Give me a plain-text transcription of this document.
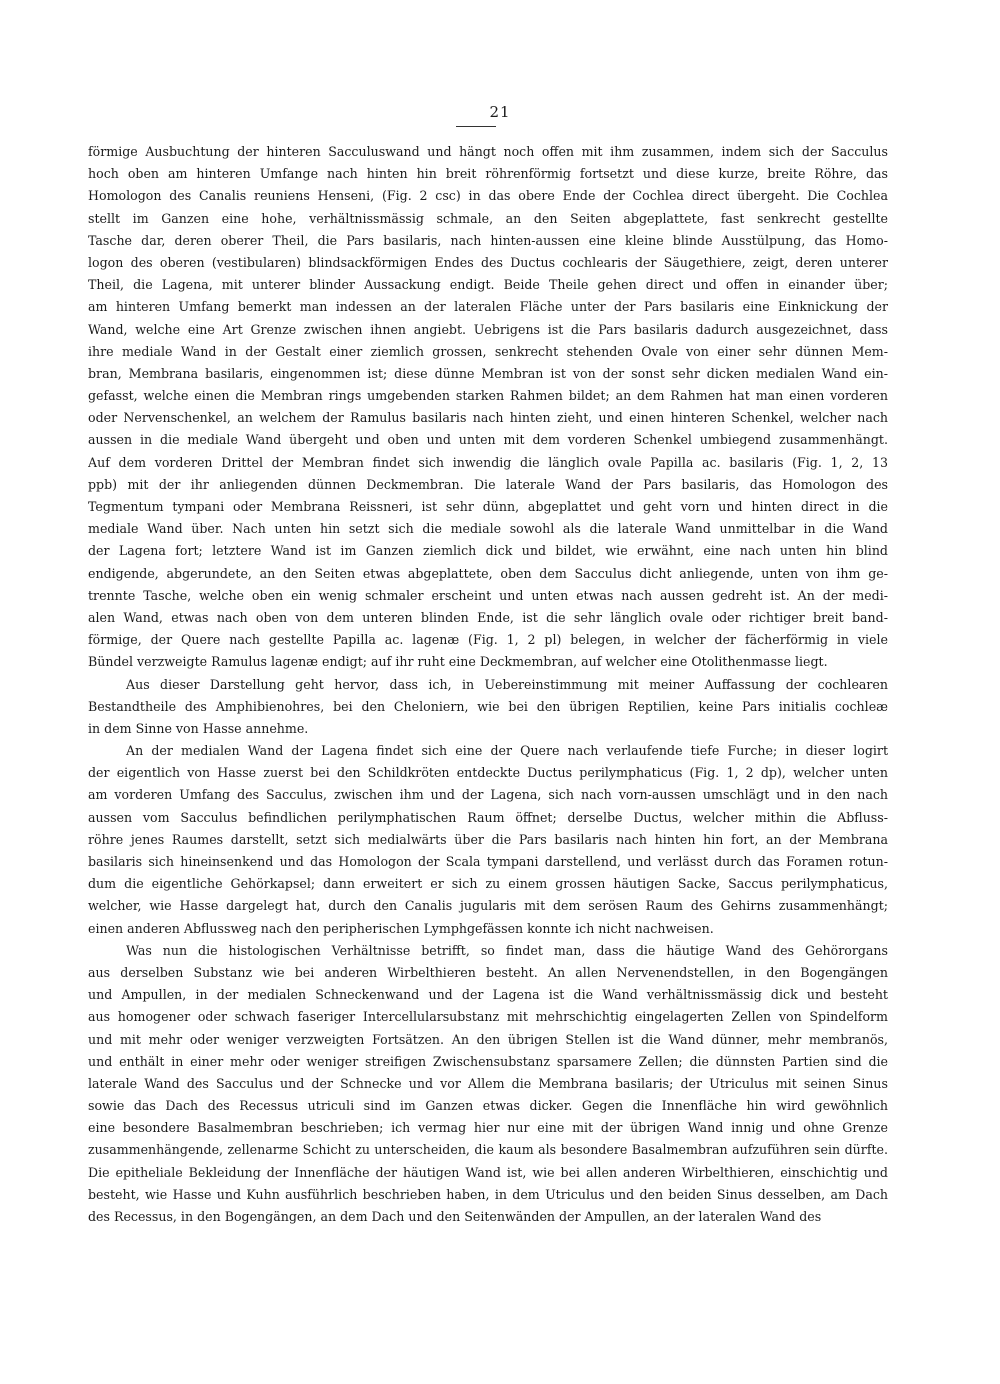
21
förmige Ausbuchtung der hinteren Sacculuswand und hängt noch offen mit ihm zusammen, indem sich der Sacculus
hoch oben am hinteren Umfange nach hinten hin breit röhrenförmig fortsetzt und diese kurze, breite Röhre, das
Homologon des Canalis reuniens Henseni, (Fig. 2 csc) in das obere Ende der Cochlea direct übergeht. Die Cochlea
stellt im Ganzen eine hohe, verhältnissmässig schmale, an den Seiten abgeplattete, fast senkrecht gestellte
Tasche dar, deren oberer Theil, die Pars basilaris, nach hinten-aussen eine kleine blinde Ausstülpung, das Homo-
logon des oberen (vestibularen) blindsackförmigen Endes des Ductus cochlearis der Säugethiere, zeigt, deren unterer
Theil, die Lagena, mit unterer blinder Aussackung endigt. Beide Theile gehen direct und offen in einander über;
am hinteren Umfang bemerkt man indessen an der lateralen Fläche unter der Pars basilaris eine Einknickung der
Wand, welche eine Art Grenze zwischen ihnen angiebt. Uebrigens ist die Pars basilaris dadurch ausgezeichnet, dass
ihre mediale Wand in der Gestalt einer ziemlich grossen, senkrecht stehenden Ovale von einer sehr dünnen Mem-
bran, Membrana basilaris, eingenommen ist; diese dünne Membran ist von der sonst sehr dicken medialen Wand ein-
gefasst, welche einen die Membran rings umgebenden starken Rahmen bildet; an dem Rahmen hat man einen vorderen
oder Nervenschenkel, an welchem der Ramulus basilaris nach hinten zieht, und einen hinteren Schenkel, welcher nach
aussen in die mediale Wand übergeht und oben und unten mit dem vorderen Schenkel umbiegend zusammenhängt.
Auf dem vorderen Drittel der Membran findet sich inwendig die länglich ovale Papilla ac. basilaris (Fig. 1, 2, 13
ppb) mit der ihr anliegenden dünnen Deckmembran. Die laterale Wand der Pars basilaris, das Homologon des
Tegmentum tympani oder Membrana Reissneri, ist sehr dünn, abgeplattet und geht vorn und hinten direct in die
mediale Wand über. Nach unten hin setzt sich die mediale sowohl als die laterale Wand unmittelbar in die Wand
der Lagena fort; letztere Wand ist im Ganzen ziemlich dick und bildet, wie erwähnt, eine nach unten hin blind
endigende, abgerundete, an den Seiten etwas abgeplattete, oben dem Sacculus dicht anliegende, unten von ihm ge-
trennte Tasche, welche oben ein wenig schmaler erscheint und unten etwas nach aussen gedreht ist. An der medi-
alen Wand, etwas nach oben von dem unteren blinden Ende, ist die sehr länglich ovale oder richtiger breit band-
förmige, der Quere nach gestellte Papilla ac. lagenæ (Fig. 1, 2 pl) belegen, in welcher der fächerförmig in viele
Bündel verzweigte Ramulus lagenæ endigt; auf ihr ruht eine Deckmembran, auf welcher eine Otolithenmasse liegt.
Aus dieser Darstellung geht hervor, dass ich, in Uebereinstimmung mit meiner Auffassung der cochlearen
Bestandtheile des Amphibienohres, bei den Cheloniern, wie bei den übrigen Reptilien, keine Pars initialis cochleæ
in dem Sinne von Hasse annehme.
An der medialen Wand der Lagena findet sich eine der Quere nach verlaufende tiefe Furche; in dieser logirt
der eigentlich von Hasse zuerst bei den Schildkröten entdeckte Ductus perilymphaticus (Fig. 1, 2 dp), welcher unten
am vorderen Umfang des Sacculus, zwischen ihm und der Lagena, sich nach vorn-aussen umschlägt und in den nach
aussen vom Sacculus befindlichen perilymphatischen Raum öffnet; derselbe Ductus, welcher mithin die Abfluss-
röhre jenes Raumes darstellt, setzt sich medialwärts über die Pars basilaris nach hinten hin fort, an der Membrana
basilaris sich hineinsenkend und das Homologon der Scala tympani darstellend, und verlässt durch das Foramen rotun-
dum die eigentliche Gehörkapsel; dann erweitert er sich zu einem grossen häutigen Sacke, Saccus perilymphaticus,
welcher, wie Hasse dargelegt hat, durch den Canalis jugularis mit dem serösen Raum des Gehirns zusammenhängt;
einen anderen Abflussweg nach den peripherischen Lymphgefässen konnte ich nicht nachweisen.
Was nun die histologischen Verhältnisse betrifft, so findet man, dass die häutige Wand des Gehörorgans
aus derselben Substanz wie bei anderen Wirbelthieren besteht. An allen Nervenendstellen, in den Bogengängen
und Ampullen, in der medialen Schneckenwand und der Lagena ist die Wand verhältnissmässig dick und besteht
aus homogener oder schwach faseriger Intercellularsubstanz mit mehrschichtig eingelagerten Zellen von Spindelform
und mit mehr oder weniger verzweigten Fortsätzen. An den übrigen Stellen ist die Wand dünner, mehr membranös,
und enthält in einer mehr oder weniger streifigen Zwischensubstanz sparsamere Zellen; die dünnsten Partien sind die
laterale Wand des Sacculus und der Schnecke und vor Allem die Membrana basilaris; der Utriculus mit seinen Sinus
sowie das Dach des Recessus utriculi sind im Ganzen etwas dicker. Gegen die Innenfläche hin wird gewöhnlich
eine besondere Basalmembran beschrieben; ich vermag hier nur eine mit der übrigen Wand innig und ohne Grenze
zusammenhängende, zellenarme Schicht zu unterscheiden, die kaum als besondere Basalmembran aufzuführen sein dürfte.
Die epitheliale Bekleidung der Innenfläche der häutigen Wand ist, wie bei allen anderen Wirbelthieren, einschichtig und
besteht, wie Hasse und Kuhn ausführlich beschrieben haben, in dem Utriculus und den beiden Sinus desselben, am Dach
des Recessus, in den Bogengängen, an dem Dach und den Seitenwänden der Ampullen, an der lateralen Wand des
